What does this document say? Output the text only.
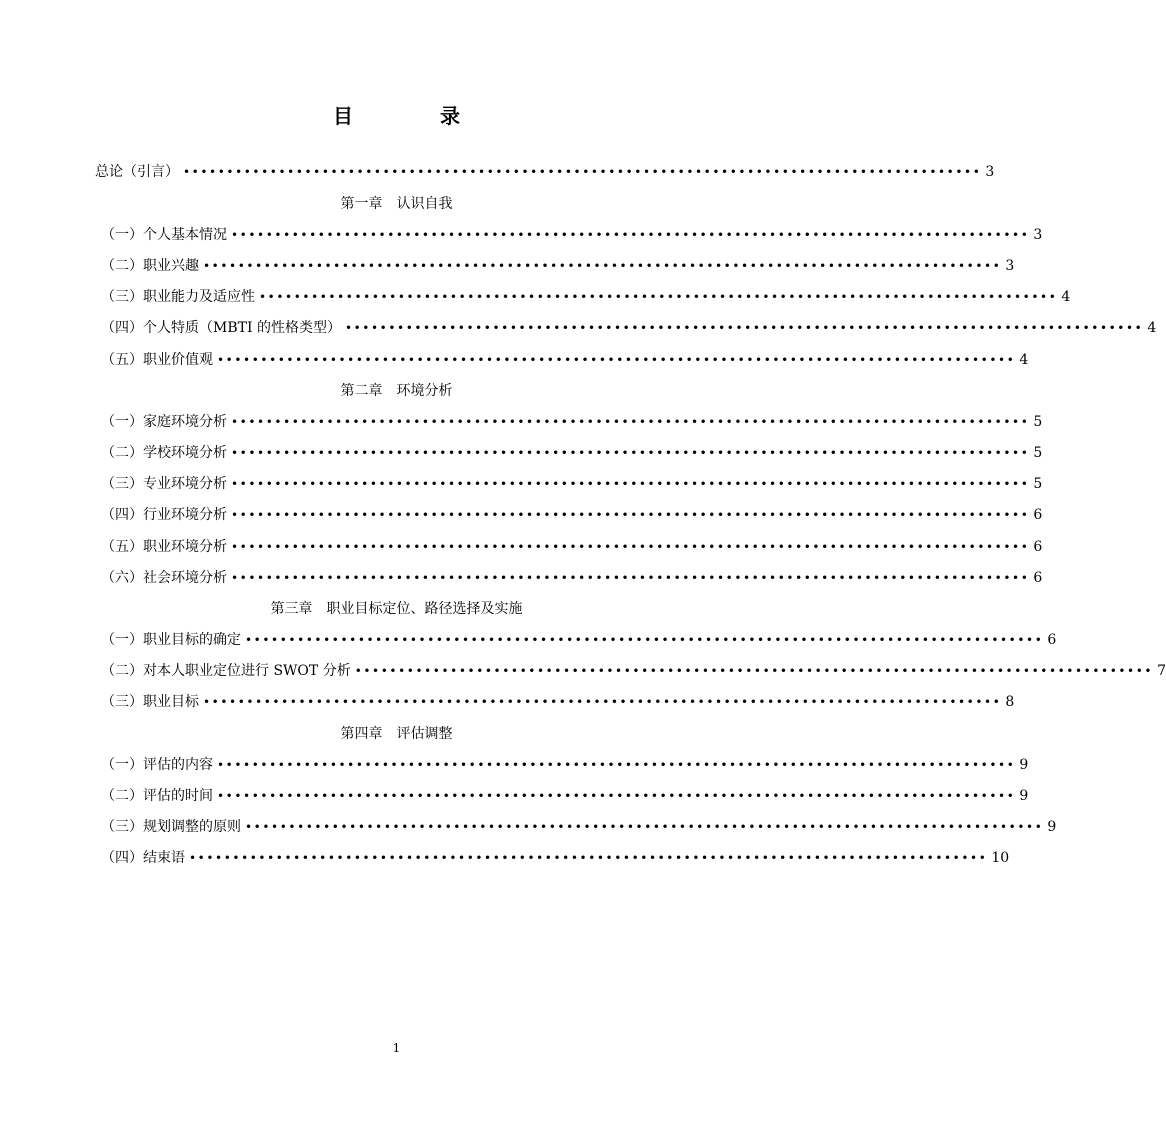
目 录
总论（引言） •••••••••••••••••••••••••••••••••••••••••••••••••••••••••••••••••••••••••••••••••••••••••••• 3
第一章　认识自我
（一）个人基本情况 •••••••••••••••••••••••••••••••••••••••••••••••••••••••••••••••••••••••••••••••••••••••••••• 3
（二）职业兴趣 •••••••••••••••••••••••••••••••••••••••••••••••••••••••••••••••••••••••••••••••••••••••••••• 3
（三）职业能力及适应性 •••••••••••••••••••••••••••••••••••••••••••••••••••••••••••••••••••••••••••••••••••••••••••• 4
（四）个人特质（MBTI 的性格类型） •••••••••••••••••••••••••••••••••••••••••••••••••••••••••••••••••••••••••••••••••••••••••••• 4
（五）职业价值观 •••••••••••••••••••••••••••••••••••••••••••••••••••••••••••••••••••••••••••••••••••••••••••• 4
第二章　环境分析
（一）家庭环境分析 •••••••••••••••••••••••••••••••••••••••••••••••••••••••••••••••••••••••••••••••••••••••••••• 5
（二）学校环境分析 •••••••••••••••••••••••••••••••••••••••••••••••••••••••••••••••••••••••••••••••••••••••••••• 5
（三）专业环境分析 •••••••••••••••••••••••••••••••••••••••••••••••••••••••••••••••••••••••••••••••••••••••••••• 5
（四）行业环境分析 •••••••••••••••••••••••••••••••••••••••••••••••••••••••••••••••••••••••••••••••••••••••••••• 6
（五）职业环境分析 •••••••••••••••••••••••••••••••••••••••••••••••••••••••••••••••••••••••••••••••••••••••••••• 6
（六）社会环境分析 •••••••••••••••••••••••••••••••••••••••••••••••••••••••••••••••••••••••••••••••••••••••••••• 6
第三章　职业目标定位、路径选择及实施
（一）职业目标的确定 •••••••••••••••••••••••••••••••••••••••••••••••••••••••••••••••••••••••••••••••••••••••••••• 6
（二）对本人职业定位进行 SWOT 分析 •••••••••••••••••••••••••••••••••••••••••••••••••••••••••••••••••••••••••••••••••••••••••••• 7
（三）职业目标 •••••••••••••••••••••••••••••••••••••••••••••••••••••••••••••••••••••••••••••••••••••••••••• 8
第四章　评估调整
（一）评估的内容 •••••••••••••••••••••••••••••••••••••••••••••••••••••••••••••••••••••••••••••••••••••••••••• 9
（二）评估的时间 •••••••••••••••••••••••••••••••••••••••••••••••••••••••••••••••••••••••••••••••••••••••••••• 9
（三）规划调整的原则 •••••••••••••••••••••••••••••••••••••••••••••••••••••••••••••••••••••••••••••••••••••••••••• 9
（四）结束语 •••••••••••••••••••••••••••••••••••••••••••••••••••••••••••••••••••••••••••••••••••••••••••• 10
1
